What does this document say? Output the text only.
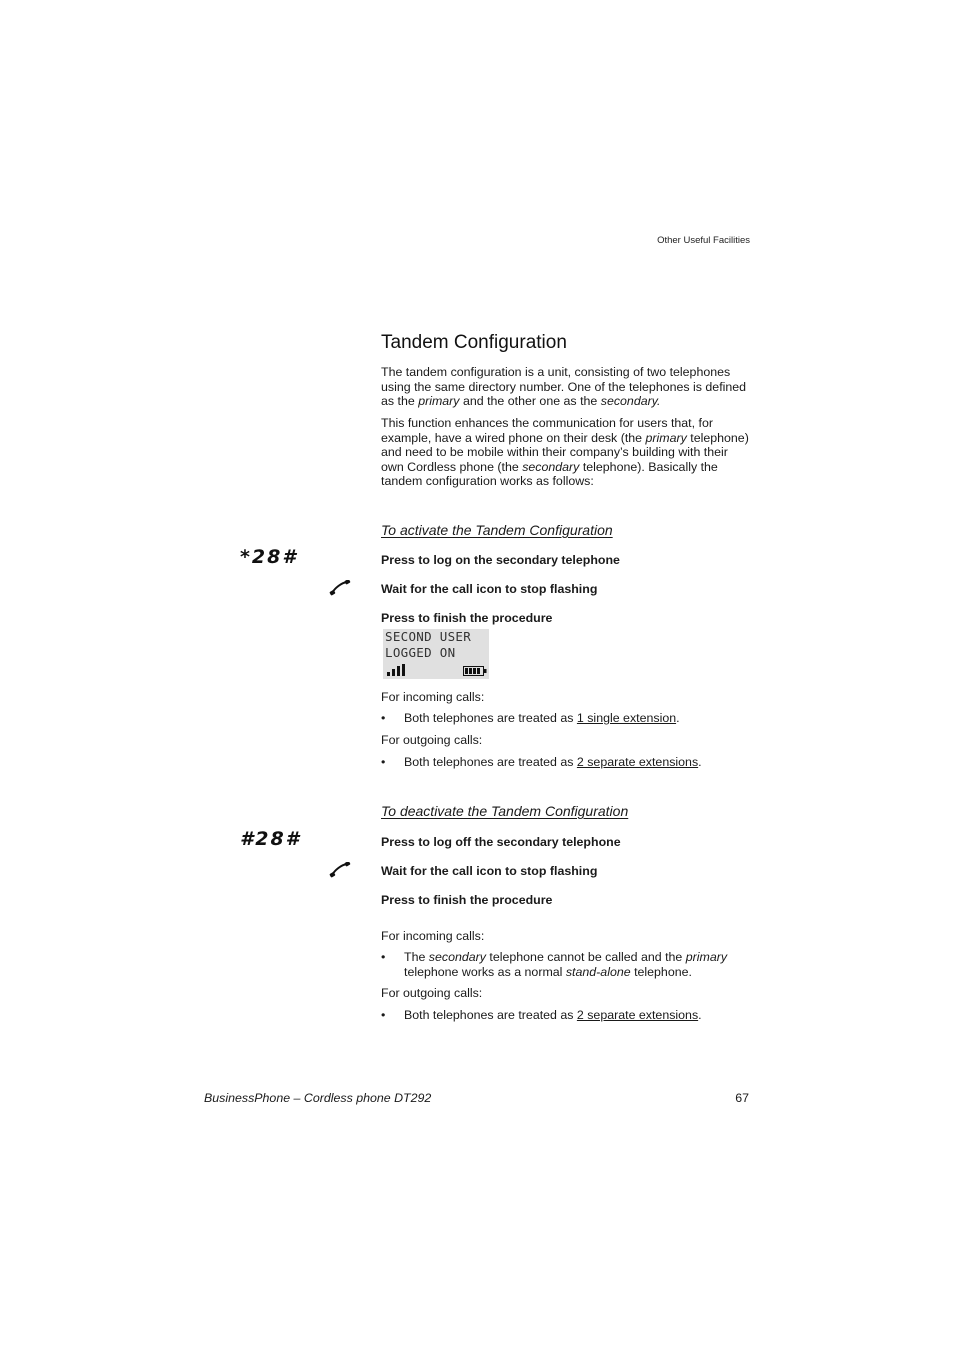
Other Useful Facilities
Tandem Configuration

The tandem configuration is a unit, consisting of two telephones using the same directory number. One of the telephones is defined as the primary and the other one as the secondary.

This function enhances the communication for users that, for example, have a wired phone on their desk (the primary telephone) and need to be mobile within their company’s building with their own Cordless phone (the secondary telephone). Basically the tandem configuration works as follows:

To activate the Tandem Configuration
*28#	Press to log on the secondary telephone

Wait for the call icon to stop flashing

Press to finish the procedure

SECOND USER
LOGGED ON

For incoming calls:

• Both telephones are treated as 1 single extension.

For outgoing calls:

• Both telephones are treated as 2 separate extensions.
To deactivate the Tandem Configuration
#28#	Press to log off the secondary telephone

Wait for the call icon to stop flashing

Press to finish the procedure

For incoming calls:

• The secondary telephone cannot be called and the primary telephone works as a normal stand-alone telephone.

For outgoing calls:

• Both telephones are treated as 2 separate extensions.
BusinessPhone – Cordless phone DT292	67
